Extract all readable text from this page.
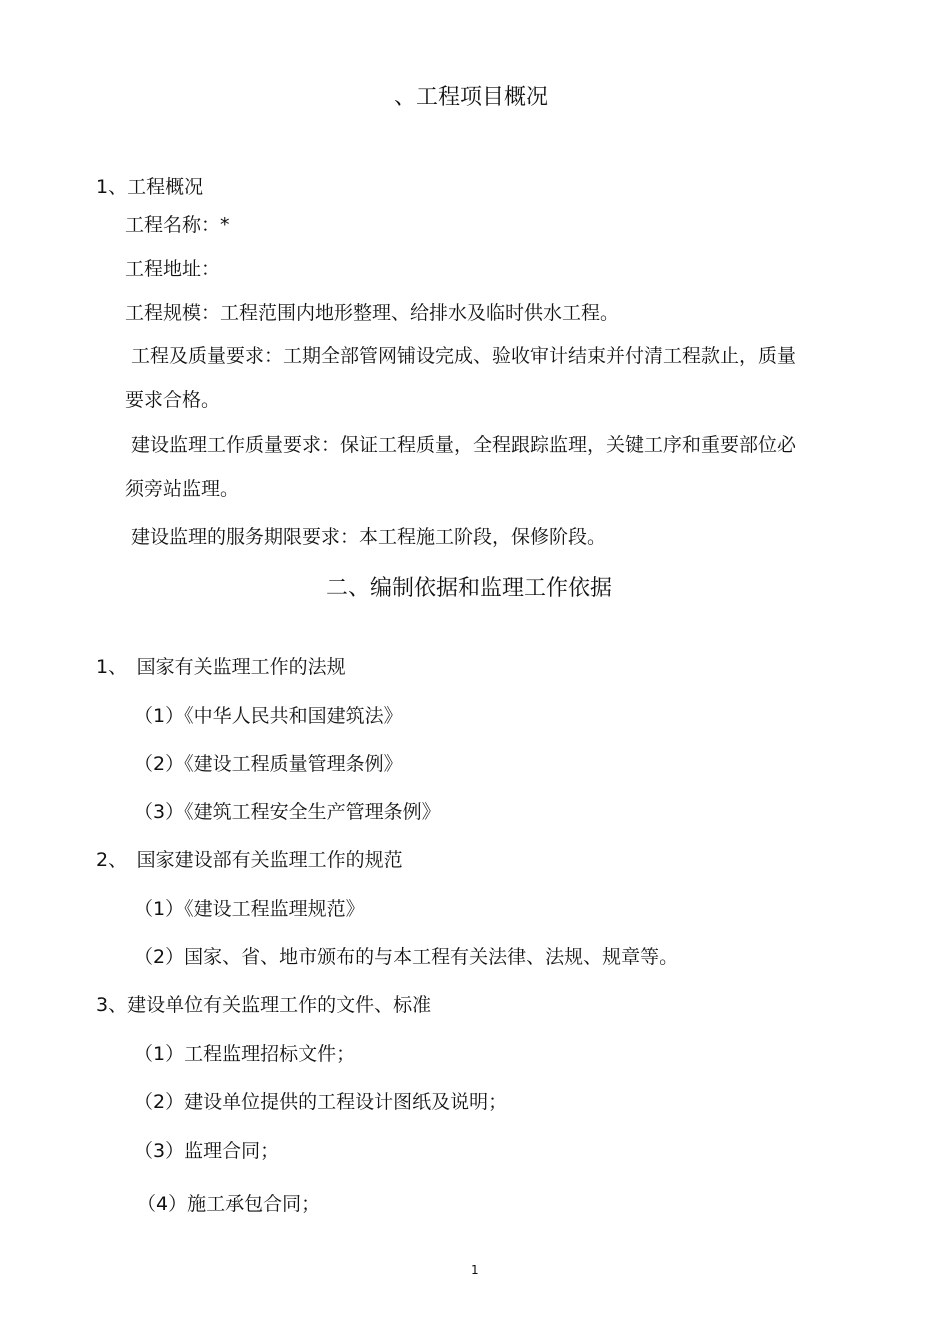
、工程项目概况
1、工程概况
工程名称：*
工程地址：
工程规模：工程范围内地形整理、给排水及临时供水工程。
工程及质量要求：工期全部管网铺设完成、验收审计结束并付清工程款止，质量
要求合格。
建设监理工作质量要求：保证工程质量，全程跟踪监理，关键工序和重要部位必
须旁站监理。
建设监理的服务期限要求：本工程施工阶段，保修阶段。
二、编制依据和监理工作依据
1、　国家有关监理工作的法规
（1）《中华人民共和国建筑法》
（2）《建设工程质量管理条例》
（3）《建筑工程安全生产管理条例》
2、　国家建设部有关监理工作的规范
（1）《建设工程监理规范》
（2）国家、省、地市颁布的与本工程有关法律、法规、规章等。
3、建设单位有关监理工作的文件、标准
（1）工程监理招标文件；
（2）建设单位提供的工程设计图纸及说明；
（3）监理合同；
（4）施工承包合同；
1
